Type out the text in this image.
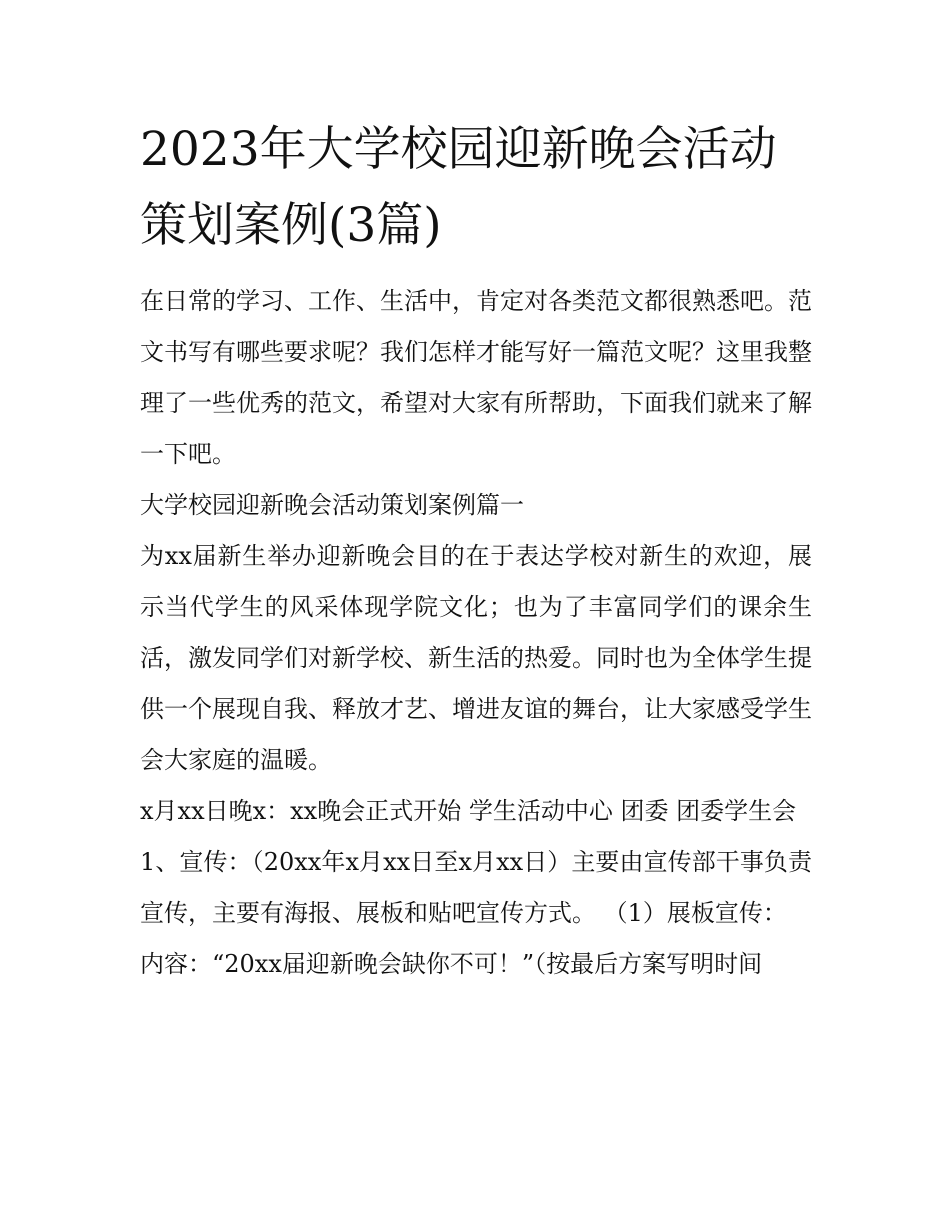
2023年大学校园迎新晚会活动策划案例(3篇)

在日常的学习、工作、生活中，肯定对各类范文都很熟悉吧。范文书写有哪些要求呢？我们怎样才能写好一篇范文呢？这里我整理了一些优秀的范文，希望对大家有所帮助，下面我们就来了解一下吧。

大学校园迎新晚会活动策划案例篇一

为xx届新生举办迎新晚会目的在于表达学校对新生的欢迎，展示当代学生的风采体现学院文化；也为了丰富同学们的课余生活，激发同学们对新学校、新生活的热爱。同时也为全体学生提供一个展现自我、释放才艺、增进友谊的舞台，让大家感受学生会大家庭的温暖。

x月xx日晚x：xx晚会正式开始 学生活动中心 团委 团委学生会

1、宣传：（20xx年x月xx日至x月xx日）主要由宣传部干事负责宣传，主要有海报、展板和贴吧宣传方式。 （1）展板宣传：

内容：“20xx届迎新晚会缺你不可！”（按最后方案写明时间
